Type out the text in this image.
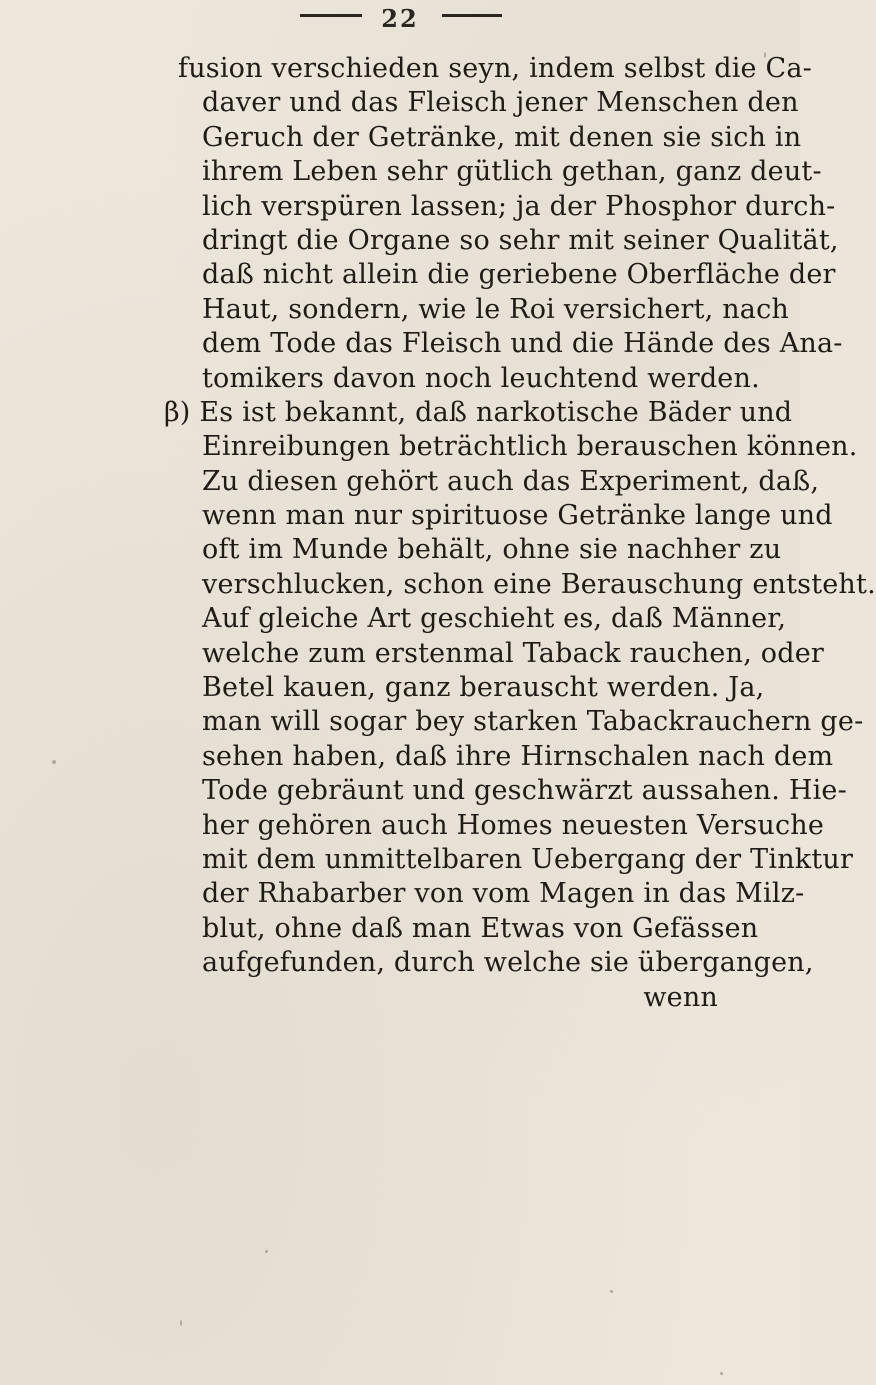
22
fusion verschieden seyn, indem selbst die Ca-
daver und das Fleisch jener Menschen den
Geruch der Getränke, mit denen sie sich in
ihrem Leben sehr gütlich gethan, ganz deut-
lich verspüren lassen; ja der Phosphor durch-
dringt die Organe so sehr mit seiner Qualität,
daß nicht allein die geriebene Oberfläche der
Haut, sondern, wie le Roi versichert, nach
dem Tode das Fleisch und die Hände des Ana-
tomikers davon noch leuchtend werden.
β) Es ist bekannt, daß narkotische Bäder und
Einreibungen beträchtlich berauschen können.
Zu diesen gehört auch das Experiment, daß,
wenn man nur spirituose Getränke lange und
oft im Munde behält, ohne sie nachher zu
verschlucken, schon eine Berauschung entsteht.
Auf gleiche Art geschieht es, daß Männer,
welche zum erstenmal Taback rauchen, oder
Betel kauen, ganz berauscht werden. Ja,
man will sogar bey starken Tabackrauchern ge-
sehen haben, daß ihre Hirnschalen nach dem
Tode gebräunt und geschwärzt aussahen. Hie-
her gehören auch Homes neuesten Versuche
mit dem unmittelbaren Uebergang der Tinktur
der Rhabarber von vom Magen in das Milz-
blut, ohne daß man Etwas von Gefässen
aufgefunden, durch welche sie übergangen,
wenn
